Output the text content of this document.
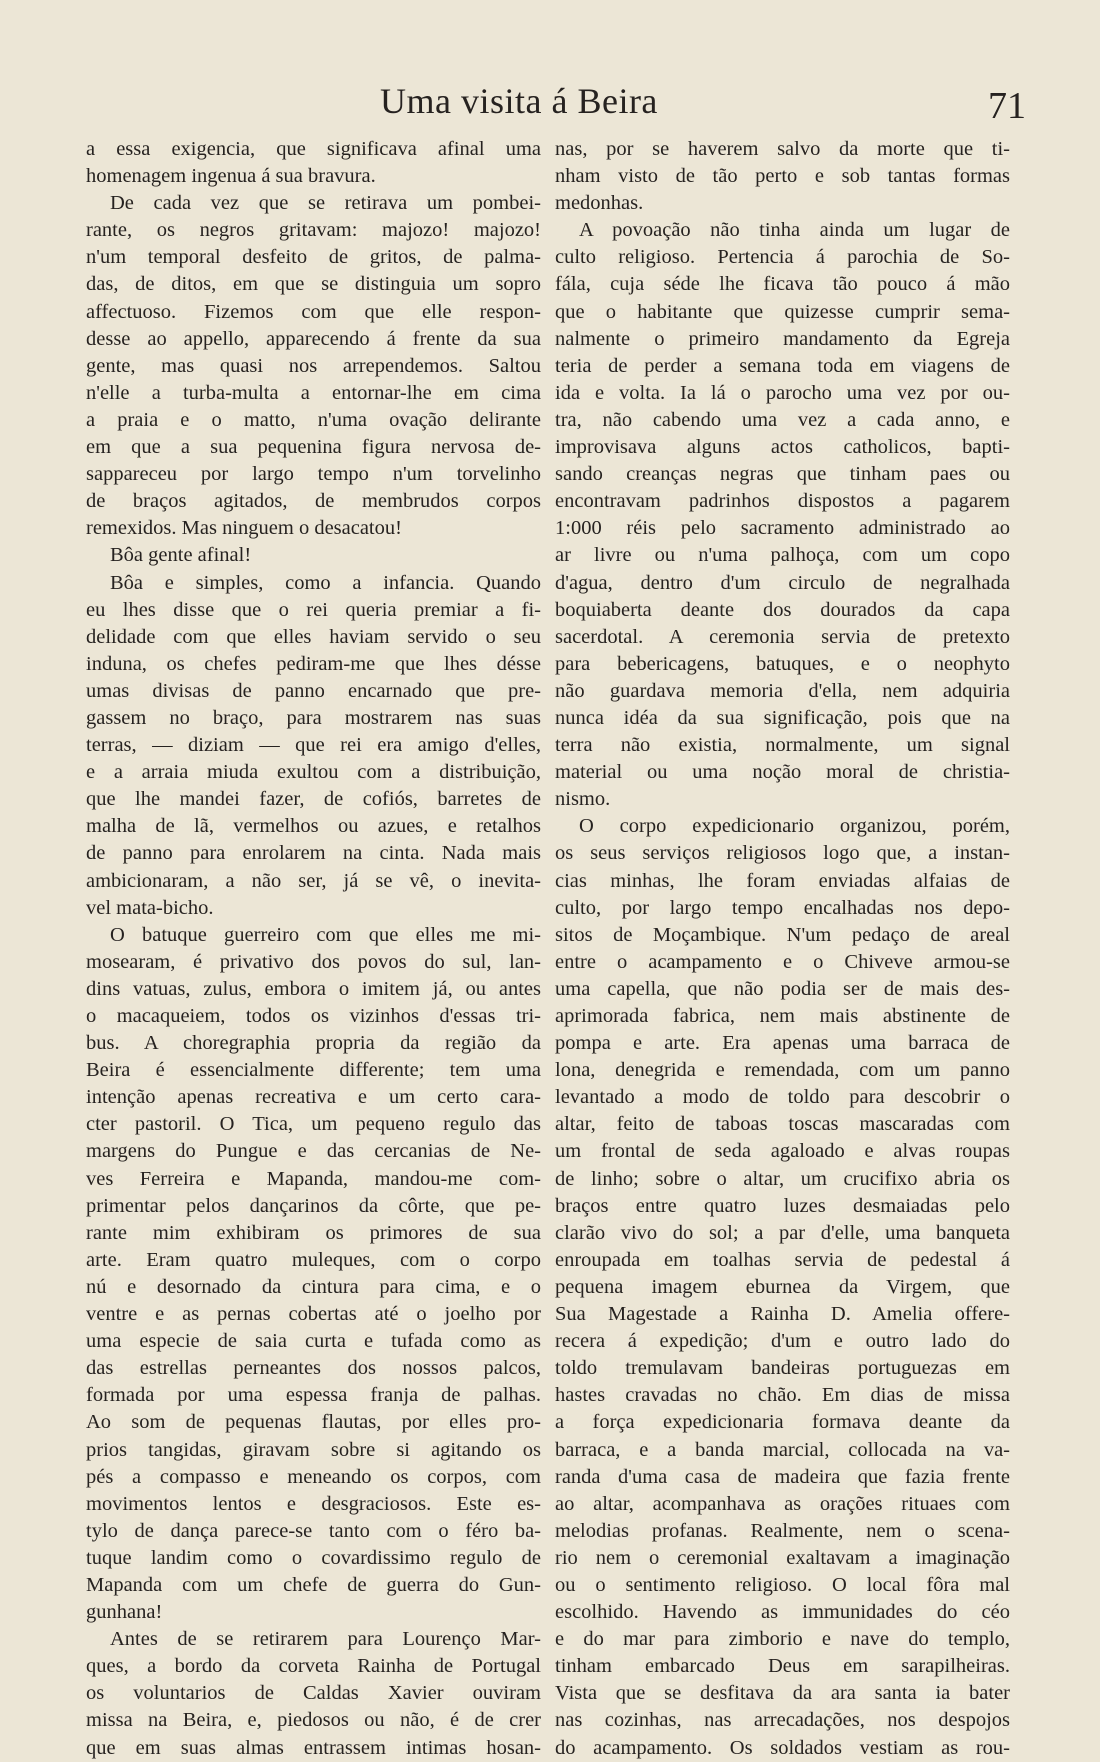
Uma visita á Beira	71
a essa exigencia, que significava afinal uma
homenagem ingenua á sua bravura.
De cada vez que se retirava um pombei-
rante, os negros gritavam: majozo! majozo!
n'um temporal desfeito de gritos, de palma-
das, de ditos, em que se distinguia um sopro
affectuoso. Fizemos com que elle respon-
desse ao appello, apparecendo á frente da sua
gente, mas quasi nos arrependemos. Saltou
n'elle a turba-multa a entornar-lhe em cima
a praia e o matto, n'uma ovação delirante
em que a sua pequenina figura nervosa de-
sappareceu por largo tempo n'um torvelinho
de braços agitados, de membrudos corpos
remexidos. Mas ninguem o desacatou!
Bôa gente afinal!
Bôa e simples, como a infancia. Quando
eu lhes disse que o rei queria premiar a fi-
delidade com que elles haviam servido o seu
induna, os chefes pediram-me que lhes désse
umas divisas de panno encarnado que pre-
gassem no braço, para mostrarem nas suas
terras, — diziam — que rei era amigo d'elles,
e a arraia miuda exultou com a distribuição,
que lhe mandei fazer, de cofiós, barretes de
malha de lã, vermelhos ou azues, e retalhos
de panno para enrolarem na cinta. Nada mais
ambicionaram, a não ser, já se vê, o inevita-
vel mata-bicho.
O batuque guerreiro com que elles me mi-
mosearam, é privativo dos povos do sul, lan-
dins vatuas, zulus, embora o imitem já, ou antes
o macaqueiem, todos os vizinhos d'essas tri-
bus. A choregraphia propria da região da
Beira é essencialmente differente; tem uma
intenção apenas recreativa e um certo cara-
cter pastoril. O Tica, um pequeno regulo das
margens do Pungue e das cercanias de Ne-
ves Ferreira e Mapanda, mandou-me com-
primentar pelos dançarinos da côrte, que pe-
rante mim exhibiram os primores de sua
arte. Eram quatro muleques, com o corpo
nú e desornado da cintura para cima, e o
ventre e as pernas cobertas até o joelho por
uma especie de saia curta e tufada como as
das estrellas perneantes dos nossos palcos,
formada por uma espessa franja de palhas.
Ao som de pequenas flautas, por elles pro-
prios tangidas, giravam sobre si agitando os
pés a compasso e meneando os corpos, com
movimentos lentos e desgraciosos. Este es-
tylo de dança parece-se tanto com o féro ba-
tuque landim como o covardissimo regulo de
Mapanda com um chefe de guerra do Gun-
gunhana!
Antes de se retirarem para Lourenço Mar-
ques, a bordo da corveta Rainha de Portugal
os voluntarios de Caldas Xavier ouviram
missa na Beira, e, piedosos ou não, é de crer
que em suas almas entrassem intimas hosan-
nas, por se haverem salvo da morte que ti-
nham visto de tão perto e sob tantas formas
medonhas.
A povoação não tinha ainda um lugar de
culto religioso. Pertencia á parochia de So-
fála, cuja séde lhe ficava tão pouco á mão
que o habitante que quizesse cumprir sema-
nalmente o primeiro mandamento da Egreja
teria de perder a semana toda em viagens de
ida e volta. Ia lá o parocho uma vez por ou-
tra, não cabendo uma vez a cada anno, e
improvisava alguns actos catholicos, bapti-
sando creanças negras que tinham paes ou
encontravam padrinhos dispostos a pagarem
1:000 réis pelo sacramento administrado ao
ar livre ou n'uma palhoça, com um copo
d'agua, dentro d'um circulo de negralhada
boquiaberta deante dos dourados da capa
sacerdotal. A ceremonia servia de pretexto
para bebericagens, batuques, e o neophyto
não guardava memoria d'ella, nem adquiria
nunca idéa da sua significação, pois que na
terra não existia, normalmente, um signal
material ou uma noção moral de christia-
nismo.
O corpo expedicionario organizou, porém,
os seus serviços religiosos logo que, a instan-
cias minhas, lhe foram enviadas alfaias de
culto, por largo tempo encalhadas nos depo-
sitos de Moçambique. N'um pedaço de areal
entre o acampamento e o Chiveve armou-se
uma capella, que não podia ser de mais des-
aprimorada fabrica, nem mais abstinente de
pompa e arte. Era apenas uma barraca de
lona, denegrida e remendada, com um panno
levantado a modo de toldo para descobrir o
altar, feito de taboas toscas mascaradas com
um frontal de seda agaloado e alvas roupas
de linho; sobre o altar, um crucifixo abria os
braços entre quatro luzes desmaiadas pelo
clarão vivo do sol; a par d'elle, uma banqueta
enroupada em toalhas servia de pedestal á
pequena imagem eburnea da Virgem, que
Sua Magestade a Rainha D. Amelia offere-
recera á expedição; d'um e outro lado do
toldo tremulavam bandeiras portuguezas em
hastes cravadas no chão. Em dias de missa
a força expedicionaria formava deante da
barraca, e a banda marcial, collocada na va-
randa d'uma casa de madeira que fazia frente
ao altar, acompanhava as orações rituaes com
melodias profanas. Realmente, nem o scena-
rio nem o ceremonial exaltavam a imaginação
ou o sentimento religioso. O local fôra mal
escolhido. Havendo as immunidades do céo
e do mar para zimborio e nave do templo,
tinham embarcado Deus em sarapilheiras.
Vista que se desfitava da ara santa ia bater
nas cozinhas, nas arrecadações, nos despojos
do acampamento. Os soldados vestiam as rou-
